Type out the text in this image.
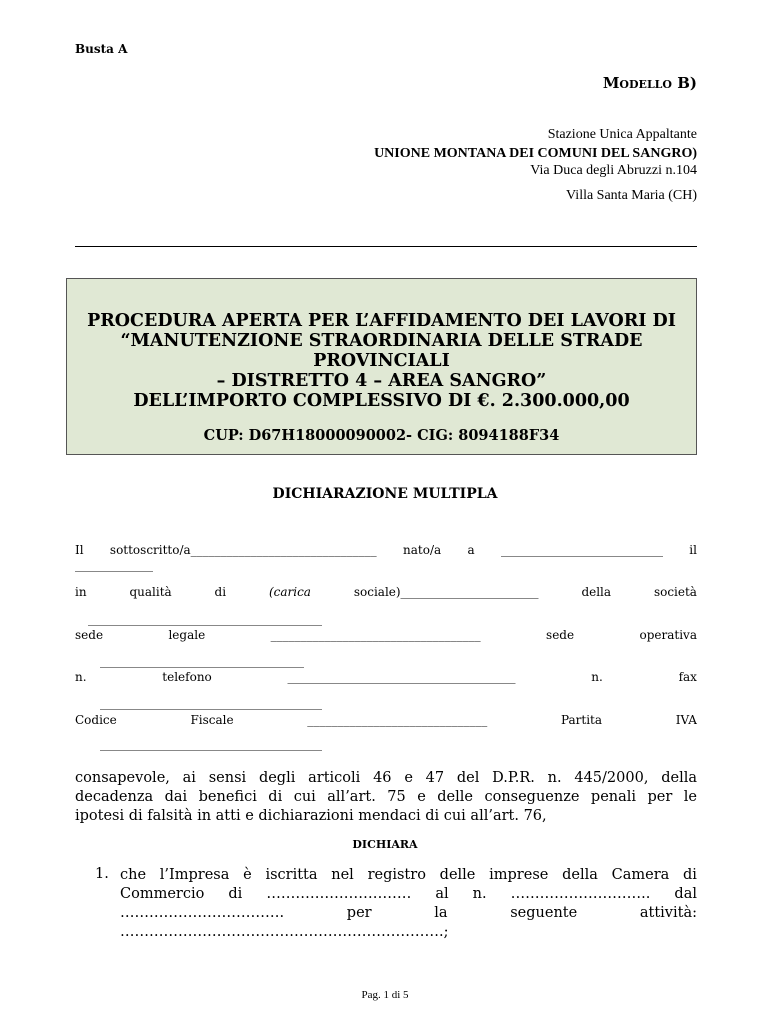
Busta A
Modello B)
Stazione Unica Appaltante
UNIONE MONTANA DEI COMUNI DEL SANGRO)
Via Duca degli Abruzzi n.104
Villa Santa Maria (CH)
PROCEDURA APERTA PER L’AFFIDAMENTO DEI LAVORI DI
“MANUTENZIONE STRAORDINARIA DELLE STRADE
PROVINCIALI
– DISTRETTO 4 – AREA SANGRO”
DELL’IMPORTO COMPLESSIVO DI €. 2.300.000,00
CUP: D67H18000090002- CIG: 8094188F34
DICHIARAZIONE MULTIPLA
Il sottoscritto/a_______________________________ nato/a a ___________________________ il
_____________
in	qualità	di	(carica	sociale)_______________________	della	società
_______________________________________
sede	legale	___________________________________	sede	operativa
__________________________________
n.	telefono	______________________________________	n.	fax
_____________________________________
Codice	Fiscale	______________________________	Partita	IVA
_____________________________________
consapevole, ai sensi degli articoli 46 e 47 del D.P.R. n. 445/2000, della
decadenza dai benefici di cui all’art. 75 e delle conseguenze penali per le
ipotesi di falsità in atti e dichiarazioni mendaci di cui all’art. 76,
DICHIARA
1. che l’Impresa è iscritta nel registro delle imprese della Camera di
Commercio di ………………………… al n. ……………………….. dal
…………………………….	per	la	seguente	attività:
………………………………………………………….;
Pag. 1 di 5
